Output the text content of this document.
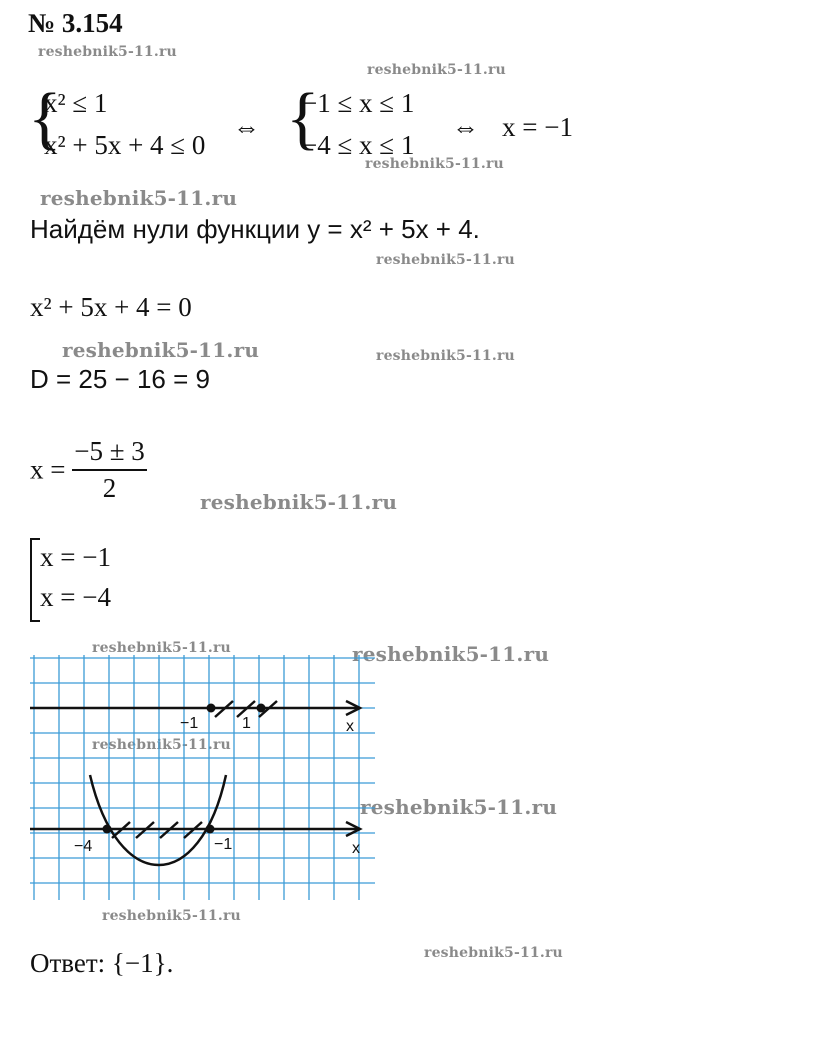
№ 3.154
reshebnik5-11.ru
reshebnik5-11.ru
reshebnik5-11.ru
reshebnik5-11.ru
reshebnik5-11.ru
reshebnik5-11.ru	reshebnik5-11.ru
reshebnik5-11.ru
reshebnik5-11.ru	reshebnik5-11.ru
reshebnik5-11.ru
reshebnik5-11.ru
reshebnik5-11.ru
reshebnik5-11.ru
{
x² ≤ 1
x² + 5x + 4 ≤ 0
⇔ {
−1 ≤ x ≤ 1
−4 ≤ x ≤ 1
⇔ x = −1
Найдём нули функции y = x² + 5x + 4.
x² + 5x + 4 = 0
D = 25 − 16 = 9
$x = \frac{-5 \pm 3}{2}$
x = −1
x = −4
−1	1	x
−4	−1	x
Ответ: {−1}.
